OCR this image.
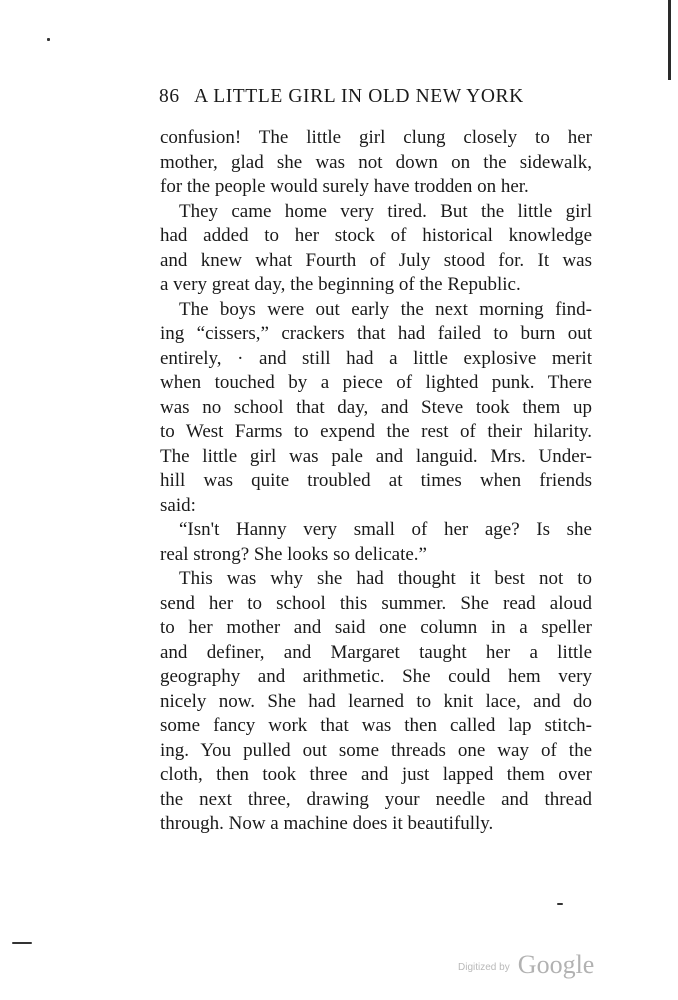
86 A LITTLE GIRL IN OLD NEW YORK
confusion! The little girl clung closely to her
mother, glad she was not down on the sidewalk,
for the people would surely have trodden on her.
They came home very tired. But the little girl
had added to her stock of historical knowledge
and knew what Fourth of July stood for. It was
a very great day, the beginning of the Republic.
The boys were out early the next morning find-
ing “cissers,” crackers that had failed to burn out
entirely, · and still had a little explosive merit
when touched by a piece of lighted punk. There
was no school that day, and Steve took them up
to West Farms to expend the rest of their hilarity.
The little girl was pale and languid. Mrs. Under-
hill was quite troubled at times when friends
said:
“Isn't Hanny very small of her age? Is she
real strong? She looks so delicate.”
This was why she had thought it best not to
send her to school this summer. She read aloud
to her mother and said one column in a speller
and definer, and Margaret taught her a little
geography and arithmetic. She could hem very
nicely now. She had learned to knit lace, and do
some fancy work that was then called lap stitch-
ing. You pulled out some threads one way of the
cloth, then took three and just lapped them over
the next three, drawing your needle and thread
through. Now a machine does it beautifully.
Digitized by Google
